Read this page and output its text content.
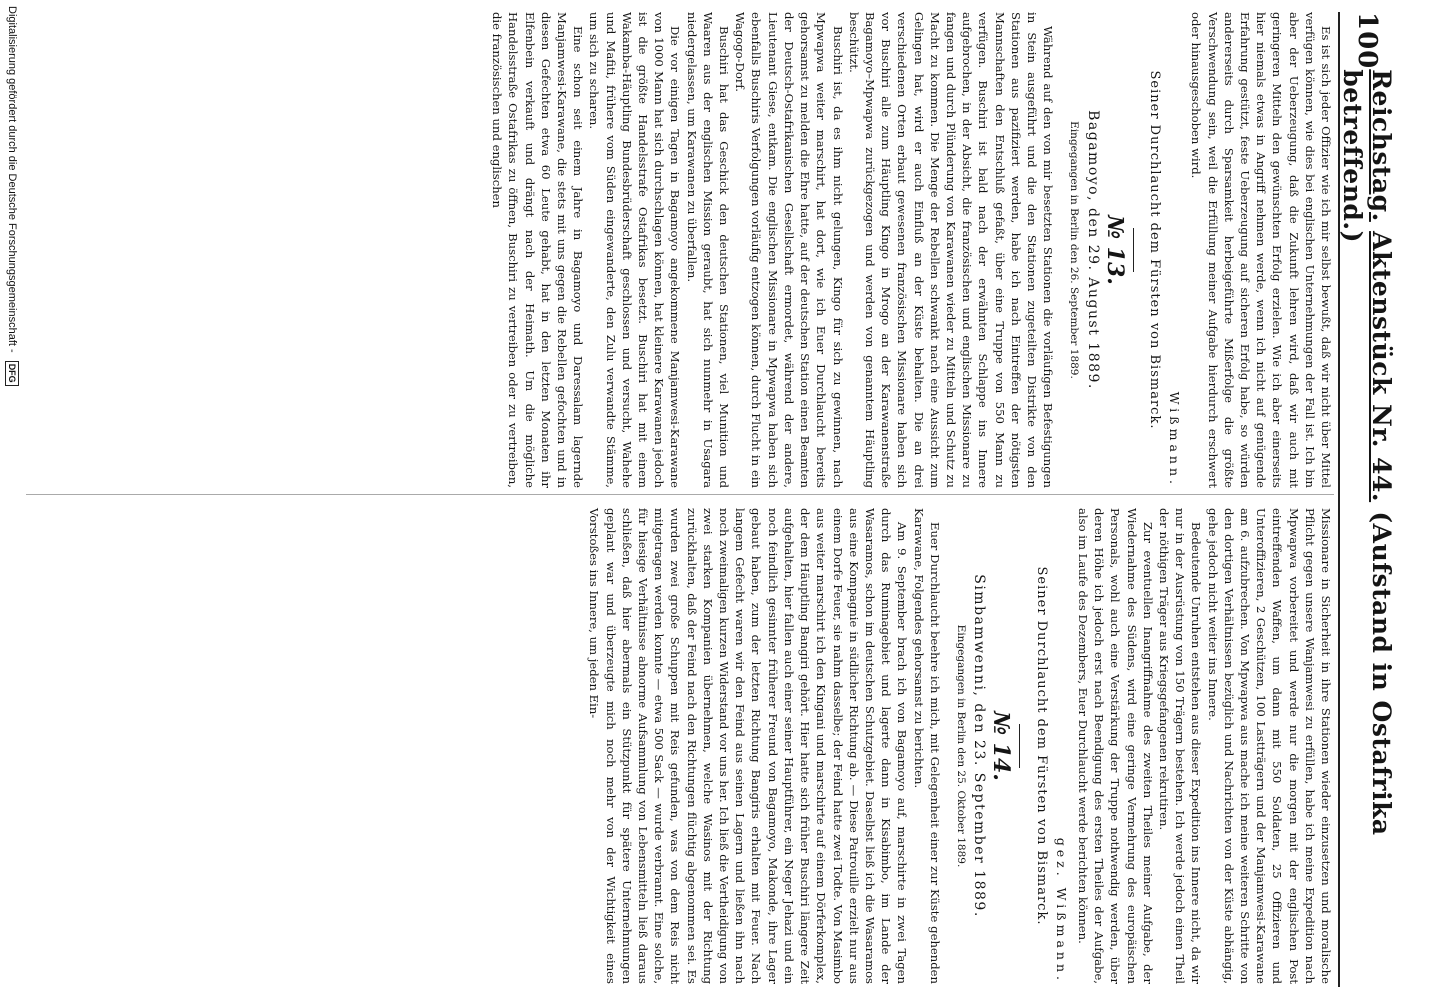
100
Reichstag. Aktenstück Nr. 44. (Aufstand in Ostafrika betreffend.)

Es ist sich jeder Offizier wie ich mir selbst bewußt, daß wir nicht über Mittel verfügen können, wie dies bei englischen Unternehmungen der Fall ist. Ich bin aber der Ueberzeugung, daß die Zukunft lehren wird, daß wir auch mit geringeren Mitteln den gewünschten Erfolg erzielen. Wie ich aber einerseits hier niemals etwas in Angriff nehmen werde, wenn ich nicht auf genügende Erfahrung gestützt, feste Ueberzeugung auf sicheren Erfolg habe, so würden andererseits durch Sparsamkeit herbeigeführte Mißerfolge die größte Verschwendung sein, weil die Erfüllung meiner Aufgabe hierdurch erschwert oder hinausgeschoben wird.

Wißmann.
Seiner Durchlaucht dem Fürsten von Bismarck.
№ 13.
Bagamoyo, den 29. August 1889.
Eingegangen in Berlin den 26. September 1889.

Während auf den von mir besetzten Stationen die vorläufigen Befestigungen in Stein ausgeführt und die den Stationen zugeteilten Distrikte von den Stationen aus pazifiziert werden, habe ich nach Eintreffen der nötigsten Mannschaften den Entschluß gefaßt, über eine Truppe von 550 Mann zu verfügen. Buschiri ist bald nach der erwähnten Schlappe ins Innere aufgebrochen, in der Absicht, die französischen und englischen Missionare zu fangen und durch Plünderung von Karawanen wieder zu Mitteln und Schutz zu Macht zu kommen. Die Menge der Rebellen schwankt nach eine Aussicht zum Gelingen hat, wird er auch Einfluß an der Küste behalten. Die an drei verschiedenen Orten erbaut gewesenen französischen Missionare haben sich vor Buschiri alle zum Häuptling Kingo in Mrogo an der Karawanenstraße Bagamoyo–Mpwapwa zurückgezogen und werden von genanntem Häuptling beschützt.

Buschiri ist, da es ihm nicht gelungen, Kingo für sich zu gewinnen, nach Mpwapwa weiter marschirt, hat dort, wie ich Euer Durchlaucht bereits gehorsamst zu melden die Ehre hatte, auf der deutschen Station einen Beamten der Deutsch-Ostafrikanischen Gesellschaft ermordet, während der andere, Lieutenant Giese, entkam. Die englischen Missionare in Mpwapwa haben sich ebenfalls Buschiris Verfolgungen vorläufig entzogen können, durch Flucht in ein Wagogo-Dorf.

Buschiri hat das Geschick den deutschen Stationen, viel Munition und Waaren aus der englischen Mission geraubt, hat sich nunmehr in Usagara niedergelassen, um Karawanen zu überfallen.

Die vor einigen Tagen in Bagamoyo angekommene Manjamwesi-Karawane von 1000 Mann hat sich durchschlagen können, hat kleinere Karawanen jedoch ist die größte Handelsstrafe Ostafrikas besetzt. Buschiri hat mit einem Wakamba-Häuptling Bundesbrüderschaft geschlossen und versucht, Wahehe und Mafiti, frühere vom Süden eingewanderte, den Zulu verwandte Stämme, um sich zu scharen.

Eine schon seit einem Jahre in Bagamoyo und Daressalam lagernde Manjamwesi-Karawane, die stets mit uns gegen die Rebellen gefochten und in diesen Gefechten etwa 60 Leute gehabt, hat in den letzten Monaten ihr Elfenbein verkauft und drängt nach der Heimath. Um die mögliche Handelsstraße Ostafrikas zu öffnen, Buschiri zu vertreiben oder zu vertreiben, die französischen und englischen

Missionare in Sicherheit in ihre Stationen wieder einzusetzen und moralische Pflicht gegen unsere Wanjamwesi zu erfüllen, habe ich meine Expedition nach Mpwapwa vorbereitet und werde nur die morgen mit der englischen Post eintreffenden Waffen, um dann mit 550 Soldaten, 25 Offizieren und Unteroffizieren, 2 Geschützen, 100 Lastträgern und der Manjamwesi-Karawane am 6. aufzubrechen. Von Mpwapwa aus mache ich meine weiteren Schritte von den dortigen Verhältnissen bezüglich und Nachrichten von der Küste abhängig, gehe jedoch nicht weiter ins Innere.

Bedeutende Unruhen entstehen aus dieser Expedition ins Innere nicht, da wir nur in der Ausrüstung von 150 Trägern bestehen. Ich werde jedoch einen Theil der nöthigen Träger aus Kriegsgefangenen rekrutiren.

Zur eventuellen Inangriffnahme des zweiten Theiles meiner Aufgabe, der Wiedernahme des Südens, wird eine geringe Vermehrung des europäischen Personals, wohl auch eine Verstärkung der Truppe nothwendig werden, über deren Höhe ich jedoch erst nach Beendigung des ersten Theiles der Aufgabe, also im Laufe des Dezembers, Euer Durchlaucht werde berichten können.

gez. Wißmann.
Seiner Durchlaucht dem Fürsten von Bismarck.
№ 14.
Simbamwenni, den 23. September 1889.
Eingegangen in Berlin den 25. Oktober 1889.

Euer Durchlaucht beehre ich mich, mit Gelegenheit einer zur Küste gehenden Karawane, Folgendes gehorsamst zu berichten.

Am 9. September brach ich von Bagamoyo auf, marschirte in zwei Tagen durch das Ruminagebiet und lagerte dann in Kisabimbo, im Lande der Wasaramos, schon im deutschen Schutzgebiet. Daselbst ließ ich die Wasaramos aus eine Kompagnie in südlicher Richtung ab. — Diese Patrouille erzielt nur aus einem Dorfe Feuer, sie nahm dasselbe; der Feind hatte zwei Todte. Von Masimbo aus weiter marschirt ich den Kingani und marschirte auf einem Dörferkomplex, der dem Häuptling Bangiri gehört. Hier hatte sich früher Buschiri längere Zeit aufgehalten, hier fallen auch einer seiner Hauptführer, ein Neger Jehazi und ein noch feindlich gesinnter früherer Freund von Bagamoyo, Makonde, ihre Lager gebaut haben, zum der letzten Richtung Bangiris erhalten mit Feuer. Nach langem Gefecht waren wir den Feind aus seinen Lagern und ließen ihn nach noch zweimaligen kurzen Widerstand vor uns her. Ich ließ die Vertheidigung von zwei starken Kompanien übernehmen, welche Wasinos mit der Richtung zurückhalten, daß der Feind nach den Richtungen flüchtig abgenommen sei. Es wurden zwei große Schuppen mit Reis gefunden, was von dem Reis nicht mitgetragen werden konnte — etwa 500 Sack — wurde verbrannt. Eine solche, für hiesige Verhältnisse abnorme Aufsammlung von Lebensmitteln ließ daraus schließen, daß hier abermals ein Stützpunkt für spätere Unternehmungen geplant war und überzeugte mich noch mehr von der Wichtigkeit eines Vorstoßes ins Innere, um jeden Ein-

Digitalisierung gefördert durch die Deutsche Forschungsgemeinschaft -
DFG
